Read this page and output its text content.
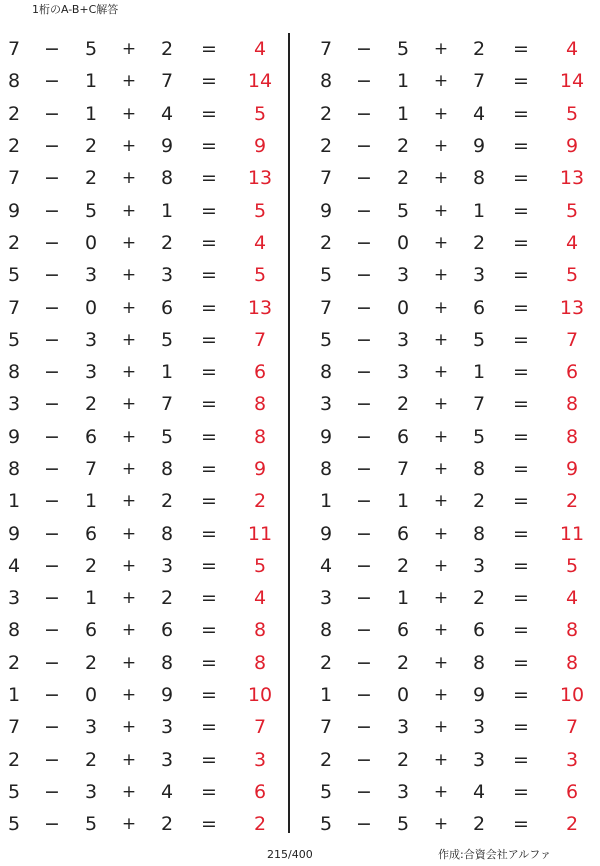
1桁のA-B+C解答
7 − 5 + 2 = 4
8 − 1 + 7 = 14
2 − 1 + 4 = 5
2 − 2 + 9 = 9
7 − 2 + 8 = 13
9 − 5 + 1 = 5
2 − 0 + 2 = 4
5 − 3 + 3 = 5
7 − 0 + 6 = 13
5 − 3 + 5 = 7
8 − 3 + 1 = 6
3 − 2 + 7 = 8
9 − 6 + 5 = 8
8 − 7 + 8 = 9
1 − 1 + 2 = 2
9 − 6 + 8 = 11
4 − 2 + 3 = 5
3 − 1 + 2 = 4
8 − 6 + 6 = 8
2 − 2 + 8 = 8
1 − 0 + 9 = 10
7 − 3 + 3 = 7
2 − 2 + 3 = 3
5 − 3 + 4 = 6
5 − 5 + 2 = 2
7 − 5 + 2 = 4
8 − 1 + 7 = 14
2 − 1 + 4 = 5
2 − 2 + 9 = 9
7 − 2 + 8 = 13
9 − 5 + 1 = 5
2 − 0 + 2 = 4
5 − 3 + 3 = 5
7 − 0 + 6 = 13
5 − 3 + 5 = 7
8 − 3 + 1 = 6
3 − 2 + 7 = 8
9 − 6 + 5 = 8
8 − 7 + 8 = 9
1 − 1 + 2 = 2
9 − 6 + 8 = 11
4 − 2 + 3 = 5
3 − 1 + 2 = 4
8 − 6 + 6 = 8
2 − 2 + 8 = 8
1 − 0 + 9 = 10
7 − 3 + 3 = 7
2 − 2 + 3 = 3
5 − 3 + 4 = 6
5 − 5 + 2 = 2
215/400	作成:合資会社アルファ
